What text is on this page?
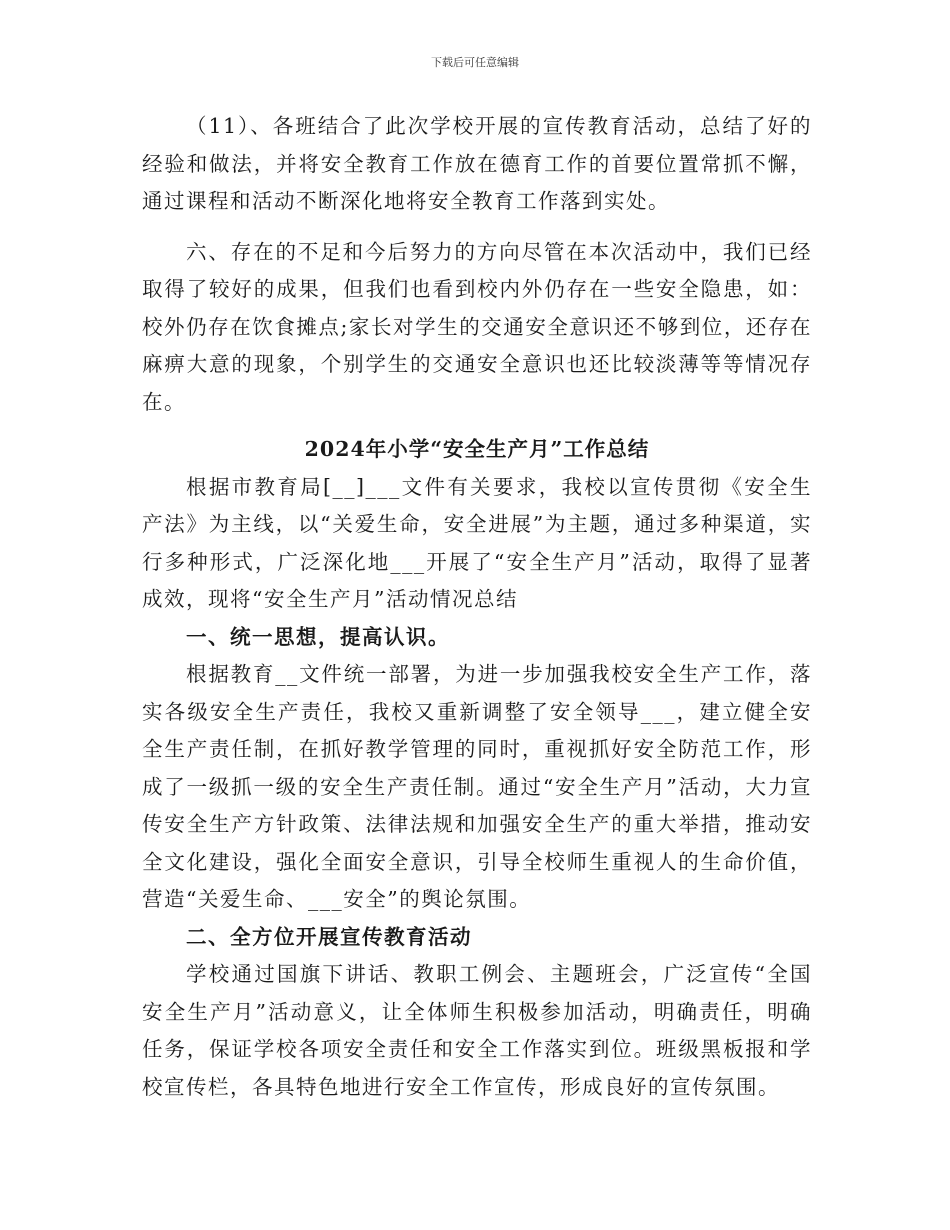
下载后可任意编辑

（11）、各班结合了此次学校开展的宣传教育活动，总结了好的经验和做法，并将安全教育工作放在德育工作的首要位置常抓不懈，通过课程和活动不断深化地将安全教育工作落到实处。

六、存在的不足和今后努力的方向尽管在本次活动中，我们已经取得了较好的成果，但我们也看到校内外仍存在一些安全隐患，如：校外仍存在饮食摊点;家长对学生的交通安全意识还不够到位，还存在麻痹大意的现象，个别学生的交通安全意识也还比较淡薄等等情况存在。

2024年小学“安全生产月”工作总结

根据市教育局[__]___文件有关要求，我校以宣传贯彻《安全生产法》为主线，以“关爱生命，安全进展”为主题，通过多种渠道，实行多种形式，广泛深化地___开展了“安全生产月”活动，取得了显著成效，现将“安全生产月”活动情况总结

一、统一思想，提高认识。

根据教育__文件统一部署，为进一步加强我校安全生产工作，落实各级安全生产责任，我校又重新调整了安全领导___，建立健全安全生产责任制，在抓好教学管理的同时，重视抓好安全防范工作，形成了一级抓一级的安全生产责任制。通过“安全生产月”活动，大力宣传安全生产方针政策、法律法规和加强安全生产的重大举措，推动安全文化建设，强化全面安全意识，引导全校师生重视人的生命价值，营造“关爱生命、___安全”的舆论氛围。

二、全方位开展宣传教育活动

学校通过国旗下讲话、教职工例会、主题班会，广泛宣传“全国安全生产月”活动意义，让全体师生积极参加活动，明确责任，明确任务，保证学校各项安全责任和安全工作落实到位。班级黑板报和学校宣传栏，各具特色地进行安全工作宣传，形成良好的宣传氛围。
